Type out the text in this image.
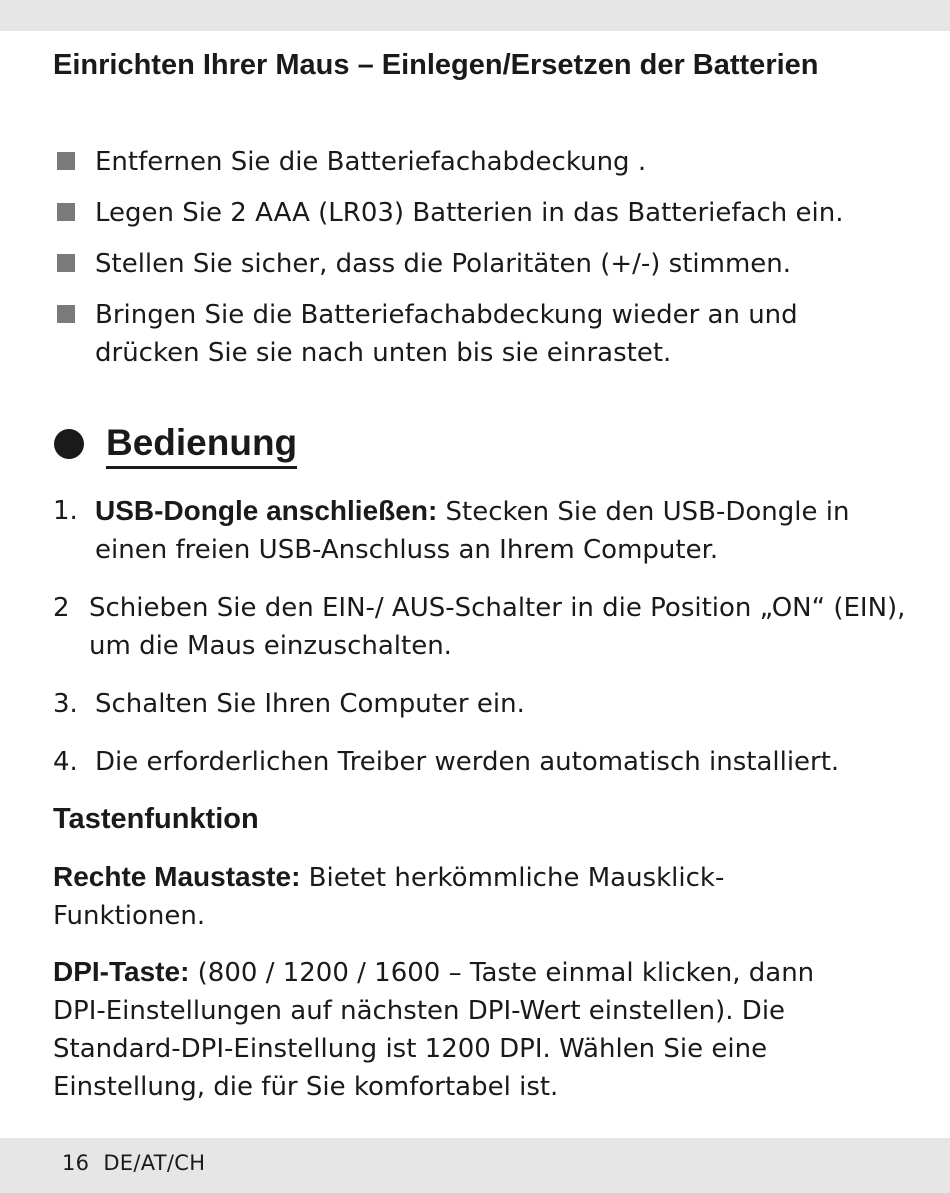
Einrichten Ihrer Maus – Einlegen/Ersetzen der Batterien
Entfernen Sie die Batteriefachabdeckung .
Legen Sie 2 AAA (LR03) Batterien in das Batteriefach ein.
Stellen Sie sicher, dass die Polaritäten (+/-) stimmen.
Bringen Sie die Batteriefachabdeckung wieder an und drücken Sie sie nach unten bis sie einrastet.
Bedienung
1. USB-Dongle anschließen: Stecken Sie den USB-Dongle in einen freien USB-Anschluss an Ihrem Computer.
2 Schieben Sie den EIN-/ AUS-Schalter in die Position „ON“ (EIN), um die Maus einzuschalten.
3. Schalten Sie Ihren Computer ein.
4. Die erforderlichen Treiber werden automatisch installiert.
Tastenfunktion

Rechte Maustaste: Bietet herkömmliche Mausklick-Funktionen.

DPI-Taste: (800 / 1200 / 1600 – Taste einmal klicken, dann DPI-Einstellungen auf nächsten DPI-Wert einstellen). Die Standard-DPI-Einstellung ist 1200 DPI. Wählen Sie eine Einstellung, die für Sie komfortabel ist.

16 DE/AT/CH
